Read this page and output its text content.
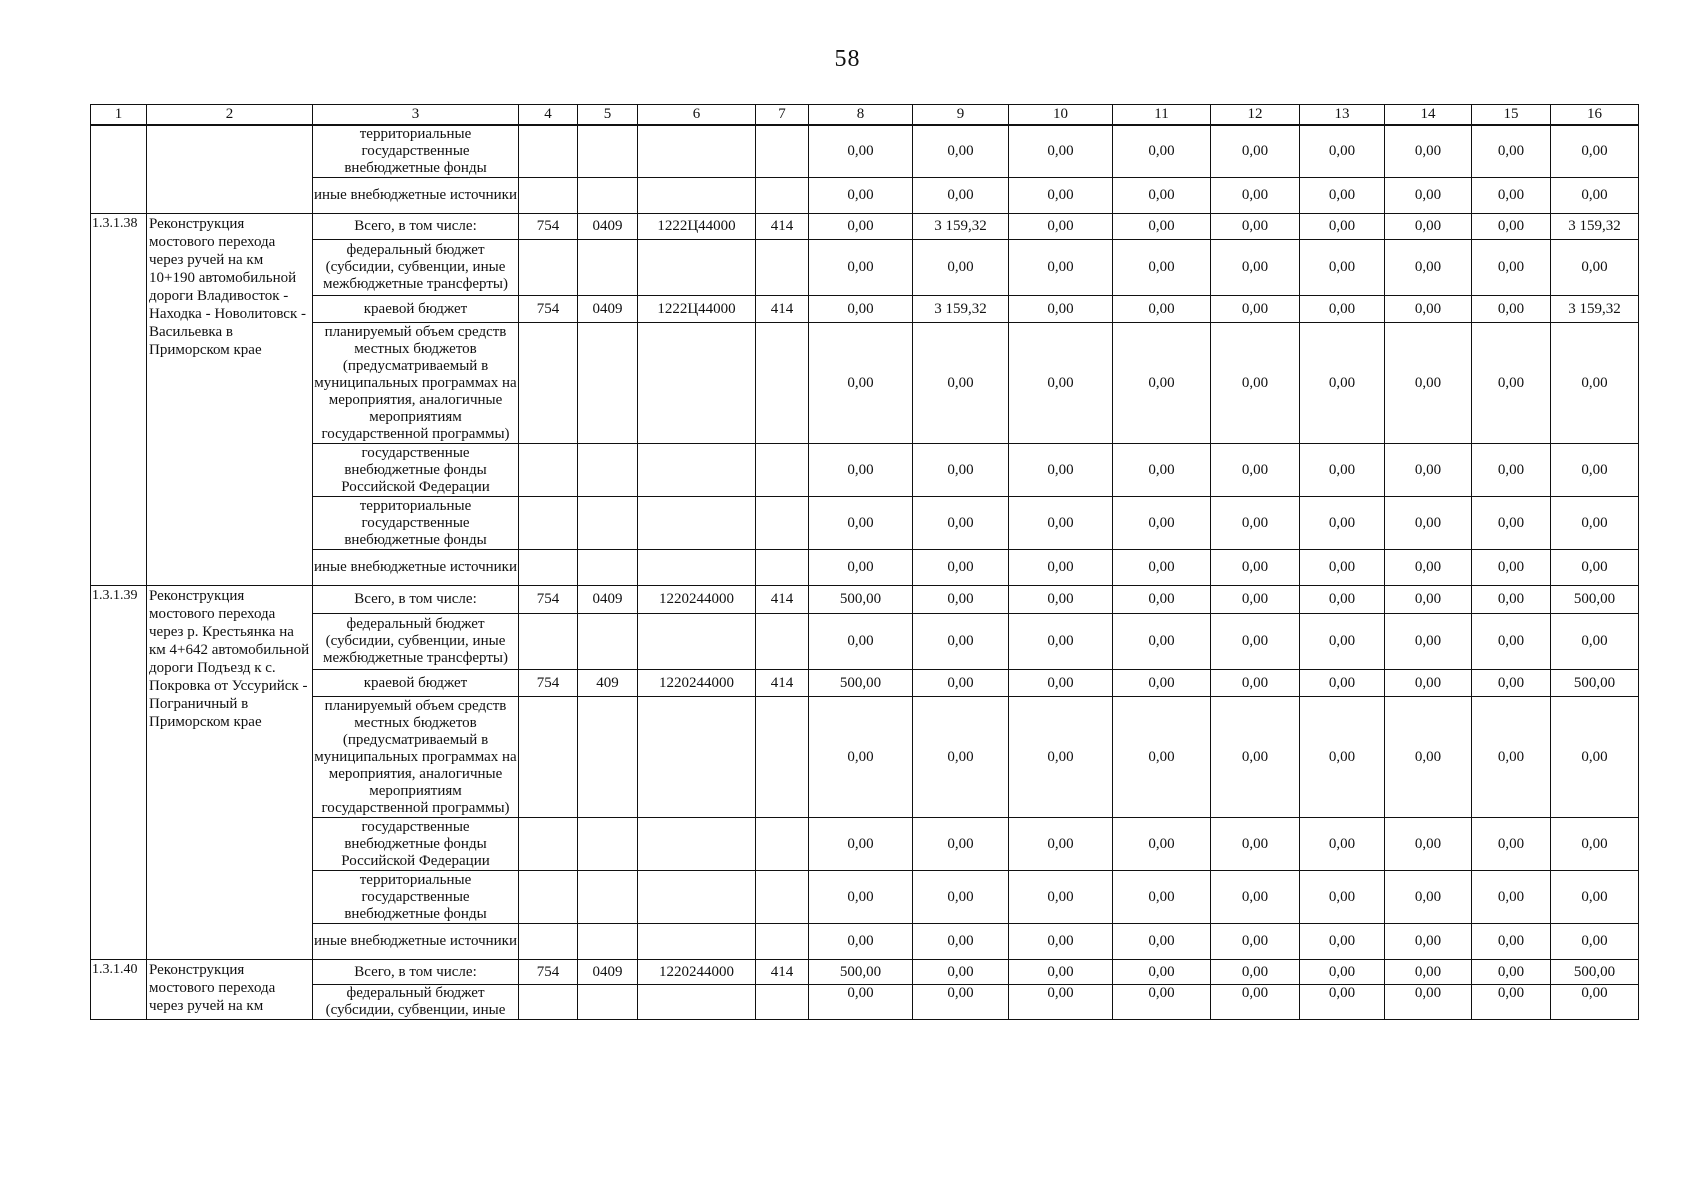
58
1	2	3	4	5	6	7	8	9	10	11	12	13	14	15	16
		территориальные государственные внебюджетные фонды					0,00	0,00	0,00	0,00	0,00	0,00	0,00	0,00	0,00
		иные внебюджетные источники					0,00	0,00	0,00	0,00	0,00	0,00	0,00	0,00	0,00
1.3.1.38	Реконструкция мостового перехода через ручей на км 10+190 автомобильной дороги Владивосток - Находка - Новолитовск - Васильевка в Приморском крае	Всего, в том числе:	754	0409	1222Ц44000	414	0,00	3 159,32	0,00	0,00	0,00	0,00	0,00	0,00	3 159,32
		федеральный бюджет (субсидии, субвенции, иные межбюджетные трансферты)					0,00	0,00	0,00	0,00	0,00	0,00	0,00	0,00	0,00
		краевой бюджет	754	0409	1222Ц44000	414	0,00	3 159,32	0,00	0,00	0,00	0,00	0,00	0,00	3 159,32
		планируемый объем средств местных бюджетов (предусматриваемый в муниципальных программах на мероприятия, аналогичные мероприятиям государственной программы)					0,00	0,00	0,00	0,00	0,00	0,00	0,00	0,00	0,00
		государственные внебюджетные фонды Российской Федерации					0,00	0,00	0,00	0,00	0,00	0,00	0,00	0,00	0,00
		территориальные государственные внебюджетные фонды					0,00	0,00	0,00	0,00	0,00	0,00	0,00	0,00	0,00
		иные внебюджетные источники					0,00	0,00	0,00	0,00	0,00	0,00	0,00	0,00	0,00
1.3.1.39	Реконструкция мостового перехода через р. Крестьянка на км 4+642 автомобильной дороги Подъезд к с. Покровка от Уссурийск - Пограничный в Приморском крае	Всего, в том числе:	754	0409	1220244000	414	500,00	0,00	0,00	0,00	0,00	0,00	0,00	0,00	500,00
		федеральный бюджет (субсидии, субвенции, иные межбюджетные трансферты)					0,00	0,00	0,00	0,00	0,00	0,00	0,00	0,00	0,00
		краевой бюджет	754	409	1220244000	414	500,00	0,00	0,00	0,00	0,00	0,00	0,00	0,00	500,00
		планируемый объем средств местных бюджетов (предусматриваемый в муниципальных программах на мероприятия, аналогичные мероприятиям государственной программы)					0,00	0,00	0,00	0,00	0,00	0,00	0,00	0,00	0,00
		государственные внебюджетные фонды Российской Федерации					0,00	0,00	0,00	0,00	0,00	0,00	0,00	0,00	0,00
		территориальные государственные внебюджетные фонды					0,00	0,00	0,00	0,00	0,00	0,00	0,00	0,00	0,00
		иные внебюджетные источники					0,00	0,00	0,00	0,00	0,00	0,00	0,00	0,00	0,00
1.3.1.40	Реконструкция мостового перехода через ручей на км	Всего, в том числе:	754	0409	1220244000	414	500,00	0,00	0,00	0,00	0,00	0,00	0,00	0,00	500,00
		федеральный бюджет (субсидии, субвенции, иные					0,00	0,00	0,00	0,00	0,00	0,00	0,00	0,00	0,00
